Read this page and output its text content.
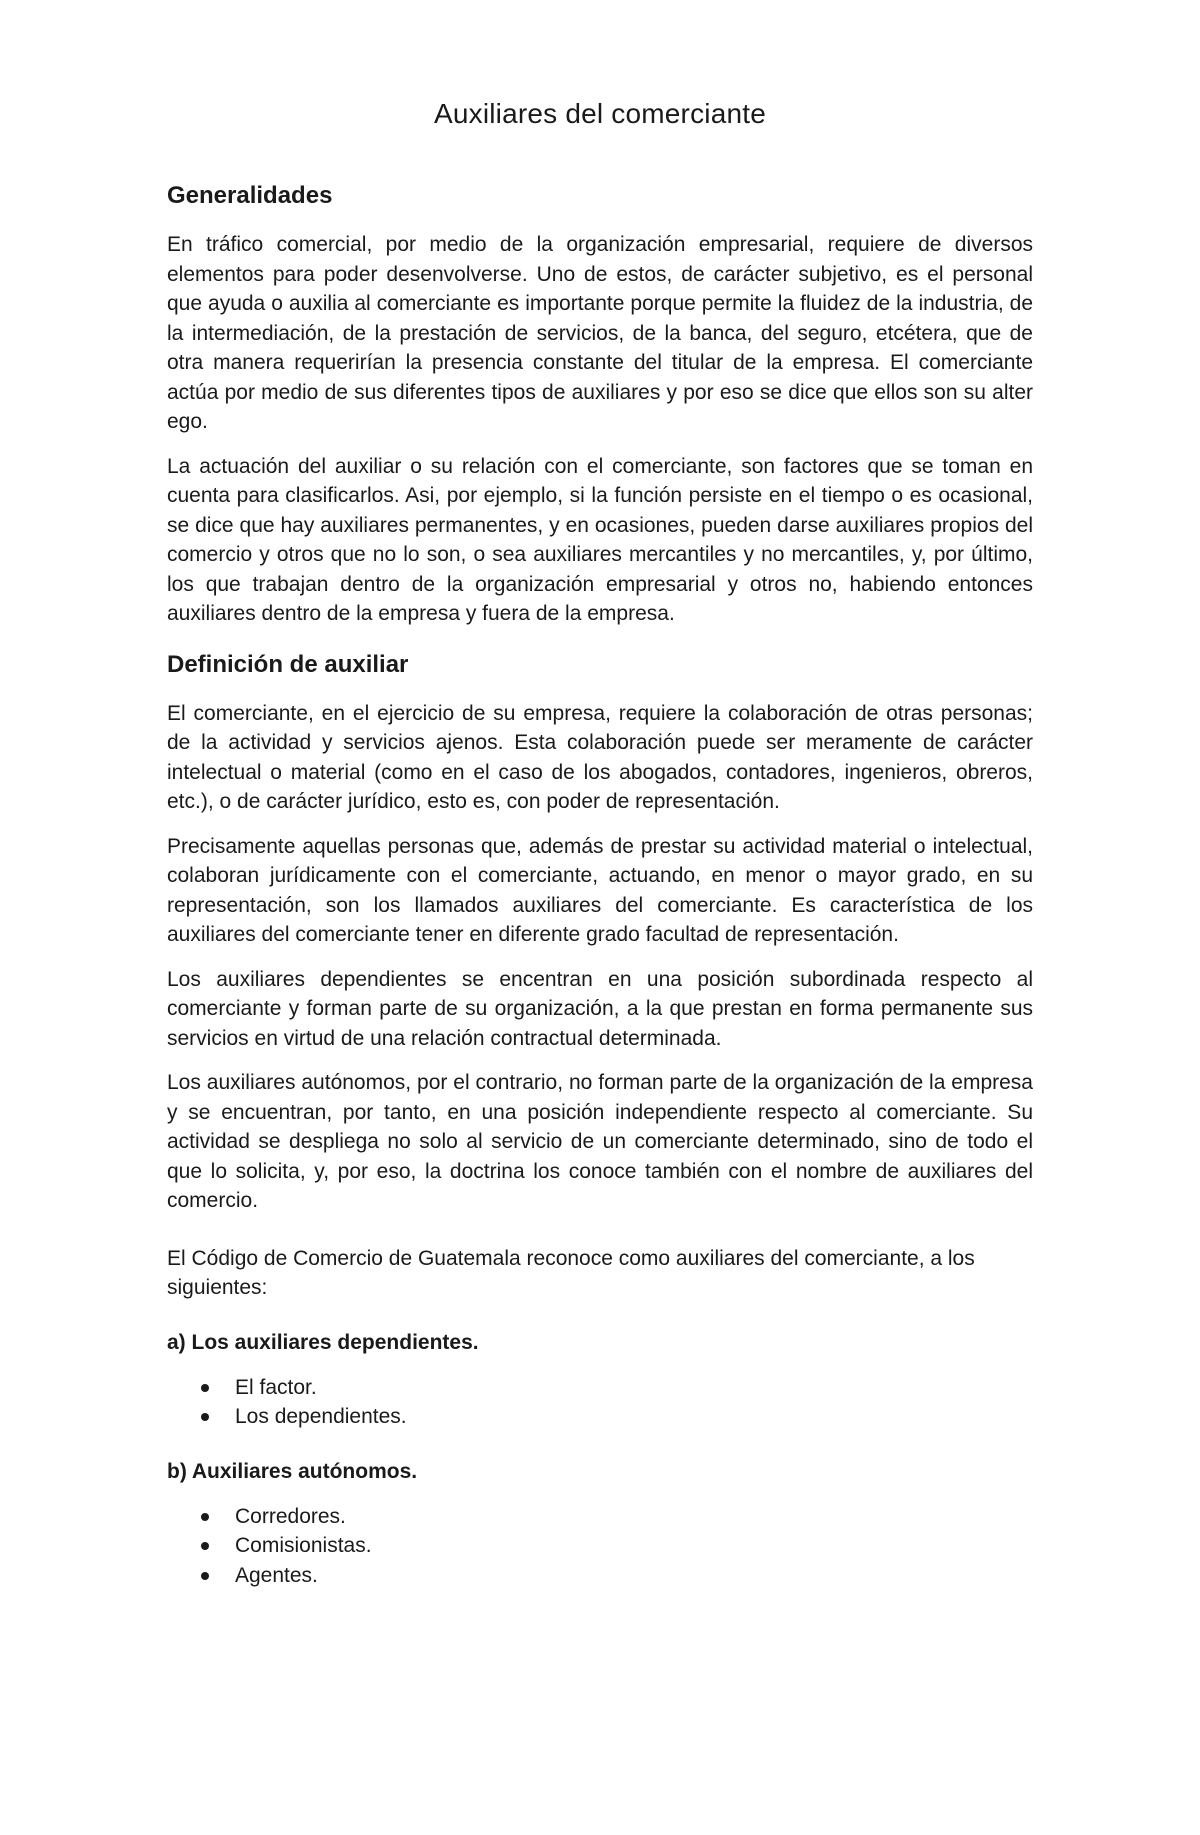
Auxiliares del comerciante
Generalidades

En tráfico comercial, por medio de la organización empresarial, requiere de diversos elementos para poder desenvolverse. Uno de estos, de carácter subjetivo, es el personal que ayuda o auxilia al comerciante es importante porque permite la fluidez de la industria, de la intermediación, de la prestación de servicios, de la banca, del seguro, etcétera, que de otra manera requerirían la presencia constante del titular de la empresa. El comerciante actúa por medio de sus diferentes tipos de auxiliares y por eso se dice que ellos son su alter ego.

La actuación del auxiliar o su relación con el comerciante, son factores que se toman en cuenta para clasificarlos. Asi, por ejemplo, si la función persiste en el tiempo o es ocasional, se dice que hay auxiliares permanentes, y en ocasiones, pueden darse auxiliares propios del comercio y otros que no lo son, o sea auxiliares mercantiles y no mercantiles, y, por último, los que trabajan dentro de la organización empresarial y otros no, habiendo entonces auxiliares dentro de la empresa y fuera de la empresa.

Definición de auxiliar

El comerciante, en el ejercicio de su empresa, requiere la colaboración de otras personas; de la actividad y servicios ajenos. Esta colaboración puede ser meramente de carácter intelectual o material (como en el caso de los abogados, contadores, ingenieros, obreros, etc.), o de carácter jurídico, esto es, con poder de representación.

Precisamente aquellas personas que, además de prestar su actividad material o intelectual, colaboran jurídicamente con el comerciante, actuando, en menor o mayor grado, en su representación, son los llamados auxiliares del comerciante. Es característica de los auxiliares del comerciante tener en diferente grado facultad de representación.

Los auxiliares dependientes se encentran en una posición subordinada respecto al comerciante y forman parte de su organización, a la que prestan en forma permanente sus servicios en virtud de una relación contractual determinada.

Los auxiliares autónomos, por el contrario, no forman parte de la organización de la empresa y se encuentran, por tanto, en una posición independiente respecto al comerciante. Su actividad se despliega no solo al servicio de un comerciante determinado, sino de todo el que lo solicita, y, por eso, la doctrina los conoce también con el nombre de auxiliares del comercio.

El Código de Comercio de Guatemala reconoce como auxiliares del comerciante, a los siguientes:

a) Los auxiliares dependientes.
El factor.
Los dependientes.
b) Auxiliares autónomos.
Corredores.
Comisionistas.
Agentes.
